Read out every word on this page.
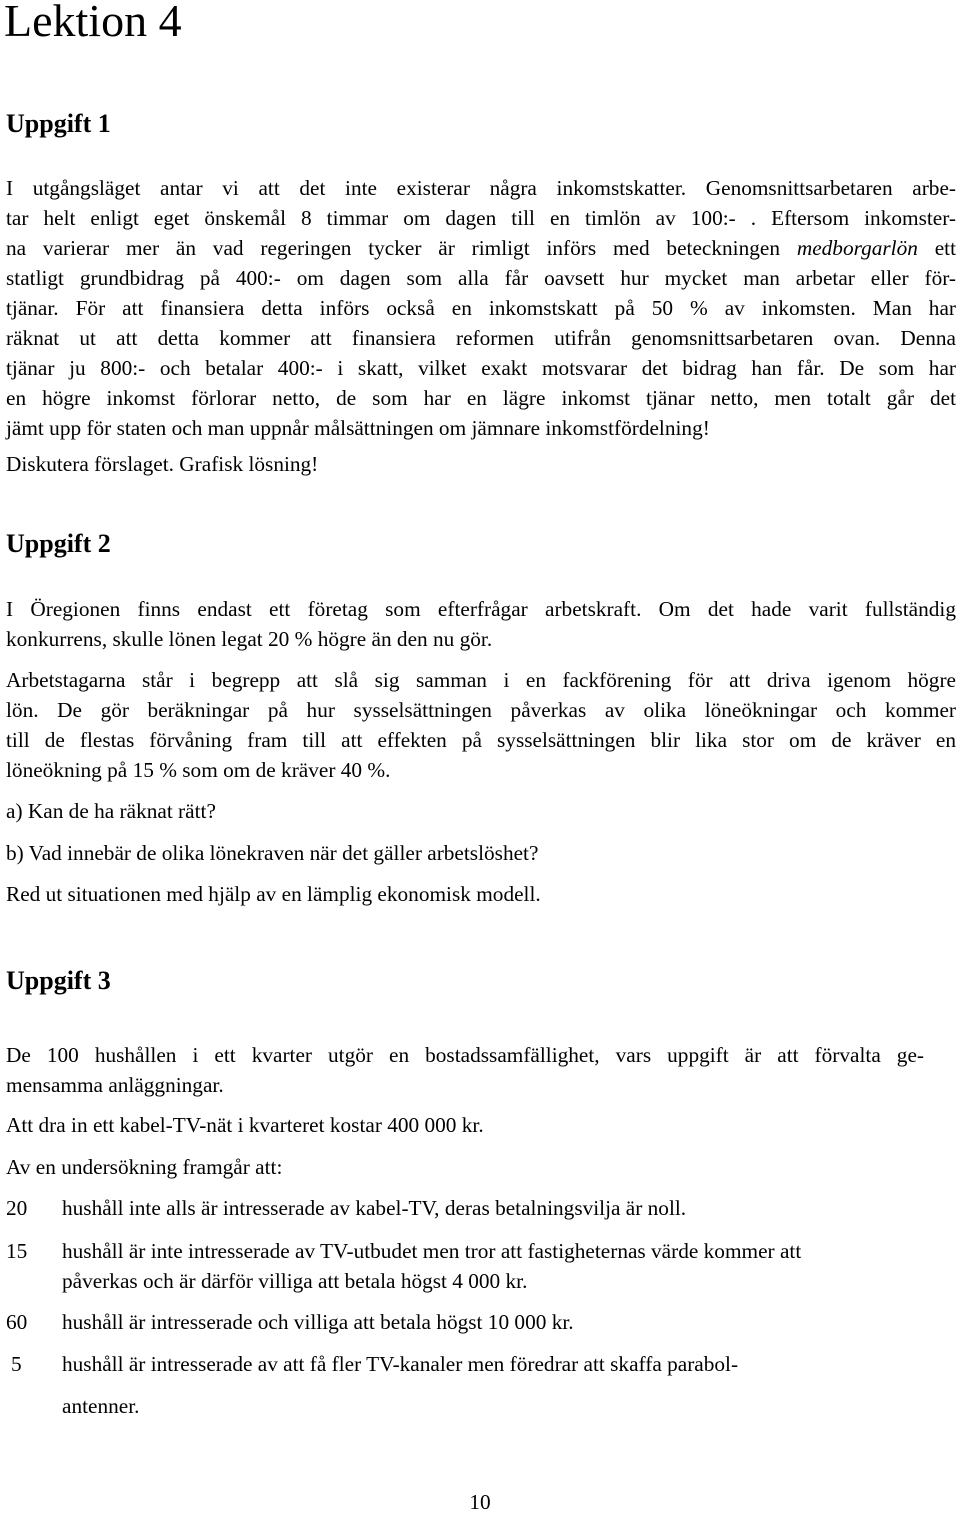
Lektion 4
Uppgift 1
I utgångsläget antar vi att det inte existerar några inkomstskatter. Genomsnittsarbetaren arbe-
tar helt enligt eget önskemål 8 timmar om dagen till en timlön av 100:- . Eftersom inkomster-
na varierar mer än vad regeringen tycker är rimligt införs med beteckningen medborgarlön ett
statligt grundbidrag på 400:- om dagen som alla får oavsett hur mycket man arbetar eller för-
tjänar. För att finansiera detta införs också en inkomstskatt på 50 % av inkomsten. Man har
räknat ut att detta kommer att finansiera reformen utifrån genomsnittsarbetaren ovan. Denna
tjänar ju 800:- och betalar 400:- i skatt, vilket exakt motsvarar det bidrag han får. De som har
en högre inkomst förlorar netto, de som har en lägre inkomst tjänar netto, men totalt går det
jämt upp för staten och man uppnår målsättningen om jämnare inkomstfördelning!
Diskutera förslaget. Grafisk lösning!
Uppgift 2
I Öregionen finns endast ett företag som efterfrågar arbetskraft. Om det hade varit fullständig
konkurrens, skulle lönen legat 20 % högre än den nu gör.
Arbetstagarna står i begrepp att slå sig samman i en fackförening för att driva igenom högre
lön. De gör beräkningar på hur sysselsättningen påverkas av olika löneökningar och kommer
till de flestas förvåning fram till att effekten på sysselsättningen blir lika stor om de kräver en
löneökning på 15 % som om de kräver 40 %.
a) Kan de ha räknat rätt?
b) Vad innebär de olika lönekraven när det gäller arbetslöshet?
Red ut situationen med hjälp av en lämplig ekonomisk modell.
Uppgift 3
De 100 hushållen i ett kvarter utgör en bostadssamfällighet, vars uppgift är att förvalta ge-
mensamma anläggningar.
Att dra in ett kabel-TV-nät i kvarteret kostar 400 000 kr.
Av en undersökning framgår att:
20 hushåll inte alls är intresserade av kabel-TV, deras betalningsvilja är noll.
15 hushåll är inte intresserade av TV-utbudet men tror att fastigheternas värde kommer att
påverkas och är därför villiga att betala högst 4 000 kr.
60 hushåll är intresserade och villiga att betala högst 10 000 kr.
5 hushåll är intresserade av att få fler TV-kanaler men föredrar att skaffa parabol-
antenner.
10
